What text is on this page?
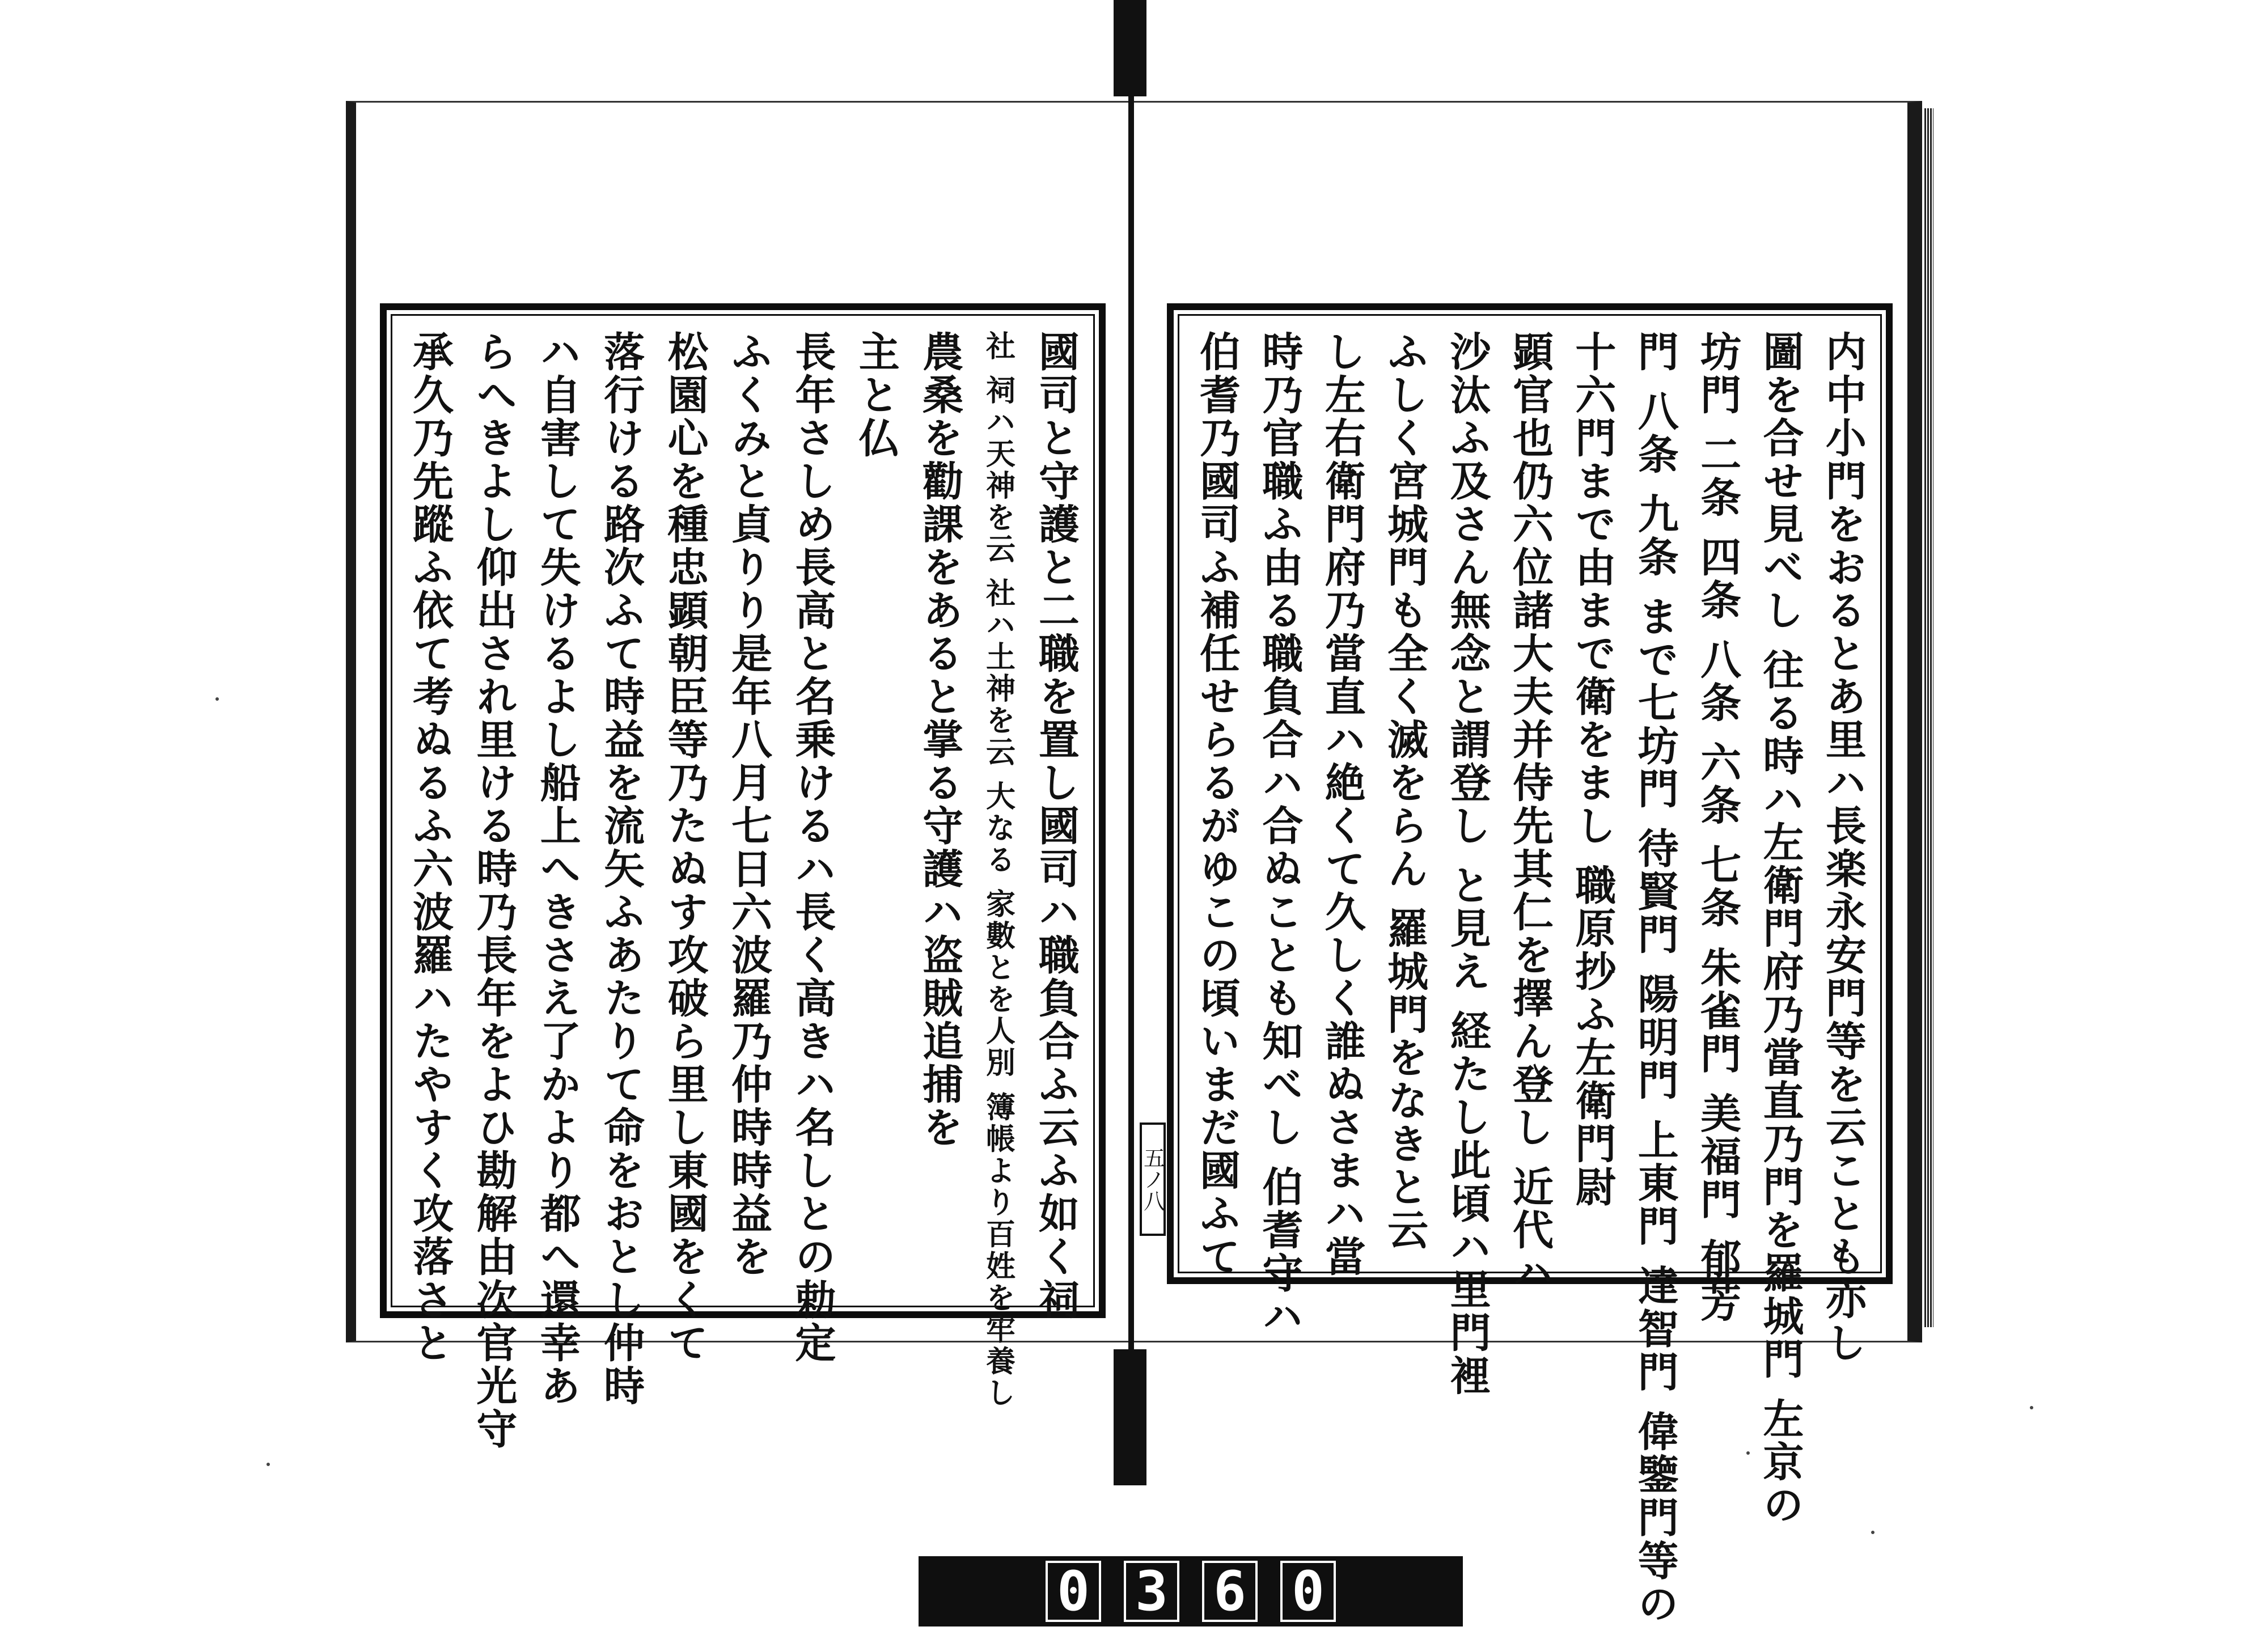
内中小門をおるとあ里ハ長楽永安門等を云ことも亦し
圖を合せ見べし 往る時ハ左衛門府乃當直乃門を羅城門 左京の
坊門 二条 四条 八条 六条 七条 朱雀門 美福門 郁芳
門 八条 九条 まで七坊門 待賢門 陽明門 上東門 達智門 偉鑒門等の
十六門まで由まで衛をまし 職原抄ふ左衛門尉
顕官也仍六位諸大夫并侍先其仁を擇ん登し 近代ハ
沙汰ふ及さん無念と謂登し と見え 経たし此頃ハ里門裡
ふしく宮城門も全く滅をらん 羅城門をなきと云
し左右衛門府乃當直ハ絶くて久しく誰ぬさまハ當
時乃官職ふ由る職負合ハ合ぬことも知べし 伯耆守ハ
伯耆乃國司ふ補任せらるがゆこの頃いまだ國ふて
國司と守護と二職を置し國司ハ職負合ふ云ふ如く祠
社 祠ハ天神を云 社ハ土神を云 大なる 家數とを人別 簿帳より百姓を牢養し
農桑を勸課をあると掌る守護ハ盗賊追捕を
主と仏
長年さしめ長高と名乗けるハ長く高きハ名しとの勅定
ふくみと貞りり是年八月七日六波羅乃仲時時益を
松園心を種忠顕朝臣等乃たぬす攻破ら里し東國をくて
落行ける路次ふて時益を流矢ふあたりて命をおとし仲時
ハ自害して失けるよし船上へきさえ了かより都へ還幸あ
らへきよし仰出され里ける時乃長年をよひ勘解由次官光守
承久乃先蹤ふ依て考ぬるふ六波羅ハたやすく攻落さと	五ノ八
0 3 6 0
